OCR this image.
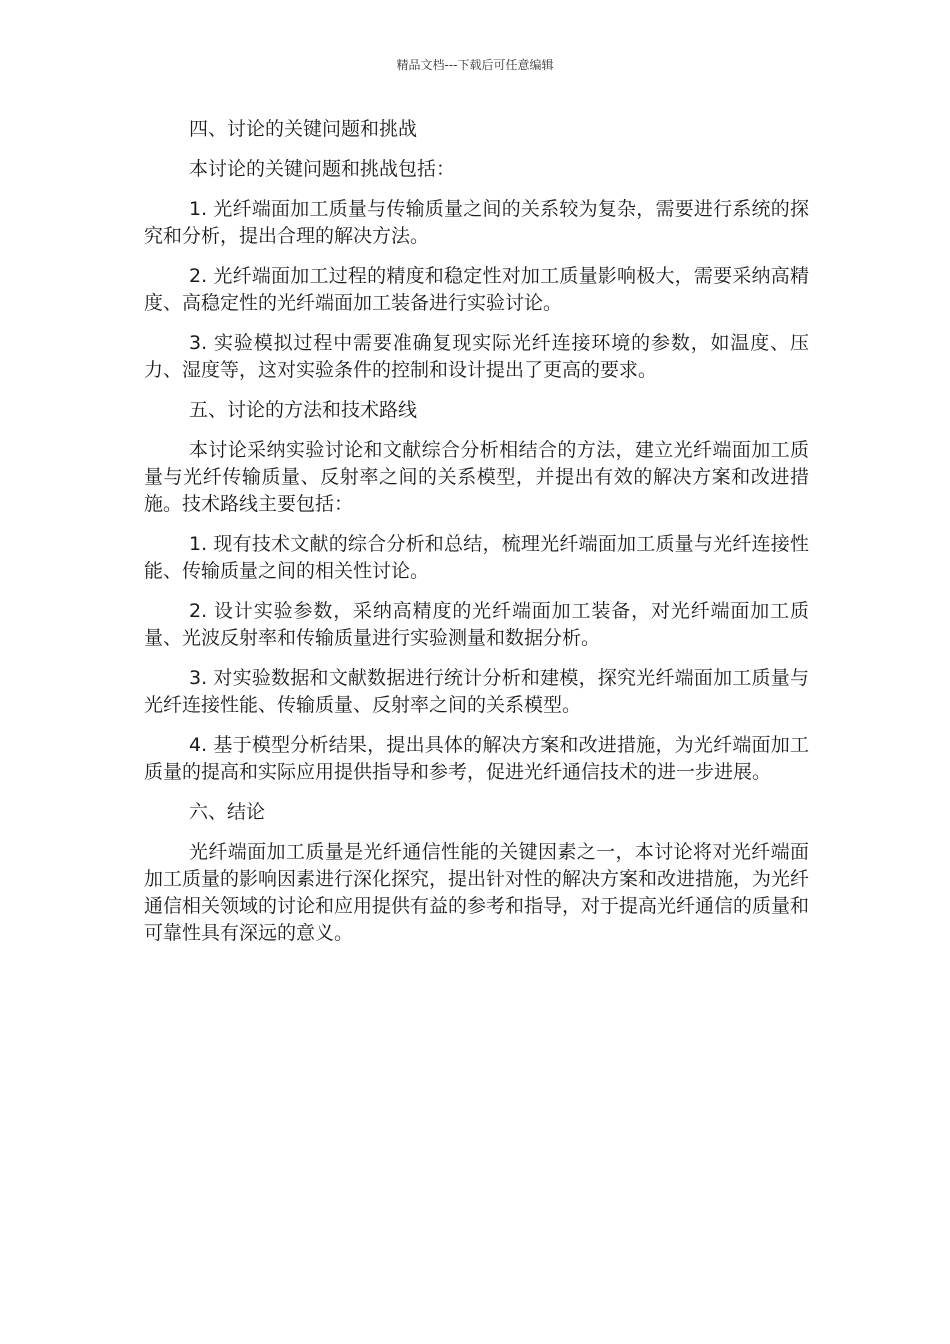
精品文档---下载后可任意编辑

四、讨论的关键问题和挑战

本讨论的关键问题和挑战包括：

1. 光纤端面加工质量与传输质量之间的关系较为复杂，需要进行系统的探究和分析，提出合理的解决方法。

2. 光纤端面加工过程的精度和稳定性对加工质量影响极大，需要采纳高精度、高稳定性的光纤端面加工装备进行实验讨论。

3. 实验模拟过程中需要准确复现实际光纤连接环境的参数，如温度、压力、湿度等，这对实验条件的控制和设计提出了更高的要求。

五、讨论的方法和技术路线

本讨论采纳实验讨论和文献综合分析相结合的方法，建立光纤端面加工质量与光纤传输质量、反射率之间的关系模型，并提出有效的解决方案和改进措施。技术路线主要包括：

1. 现有技术文献的综合分析和总结，梳理光纤端面加工质量与光纤连接性能、传输质量之间的相关性讨论。

2. 设计实验参数，采纳高精度的光纤端面加工装备，对光纤端面加工质量、光波反射率和传输质量进行实验测量和数据分析。

3. 对实验数据和文献数据进行统计分析和建模，探究光纤端面加工质量与光纤连接性能、传输质量、反射率之间的关系模型。

4. 基于模型分析结果，提出具体的解决方案和改进措施，为光纤端面加工质量的提高和实际应用提供指导和参考，促进光纤通信技术的进一步进展。

六、结论

光纤端面加工质量是光纤通信性能的关键因素之一，本讨论将对光纤端面加工质量的影响因素进行深化探究，提出针对性的解决方案和改进措施，为光纤通信相关领域的讨论和应用提供有益的参考和指导，对于提高光纤通信的质量和可靠性具有深远的意义。
